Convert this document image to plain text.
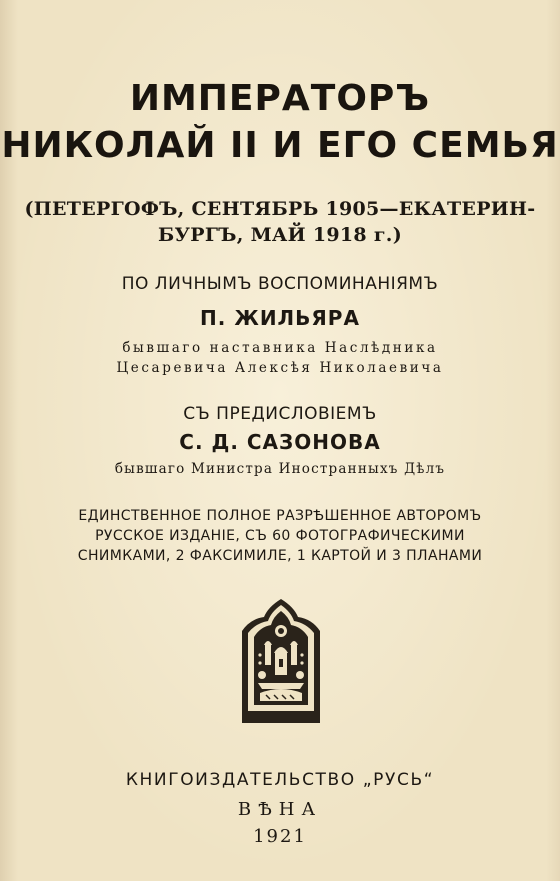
ИМПЕРАТОРЪ
НИКОЛАЙ II И ЕГО СЕМЬЯ
(ПЕТЕРГОФЪ, СЕНТЯБРЬ 1905—ЕКАТЕРИН-
БУРГЪ, МАЙ 1918 г.)
ПО ЛИЧНЫМЪ ВОСПОМИНАНІЯМЪ
П. ЖИЛЬЯРА
бывшаго наставника Наслѣдника
Цесаревича Алексѣя Николаевича
СЪ ПРЕДИСЛОВІЕМЪ
С. Д. САЗОНОВА
бывшаго Министра Иностранныхъ Дѣлъ
ЕДИНСТВЕННОЕ ПОЛНОЕ РАЗРѢШЕННОЕ АВТОРОМЪ
РУССКОЕ ИЗДАНІЕ, СЪ 60 ФОТОГРАФИЧЕСКИМИ
СНИМКАМИ, 2 ФАКСИМИЛЕ, 1 КАРТОЙ И 3 ПЛАНАМИ
КНИГОИЗДАТЕЛЬСТВО „РУСЬ“
ВѢНА
1921
